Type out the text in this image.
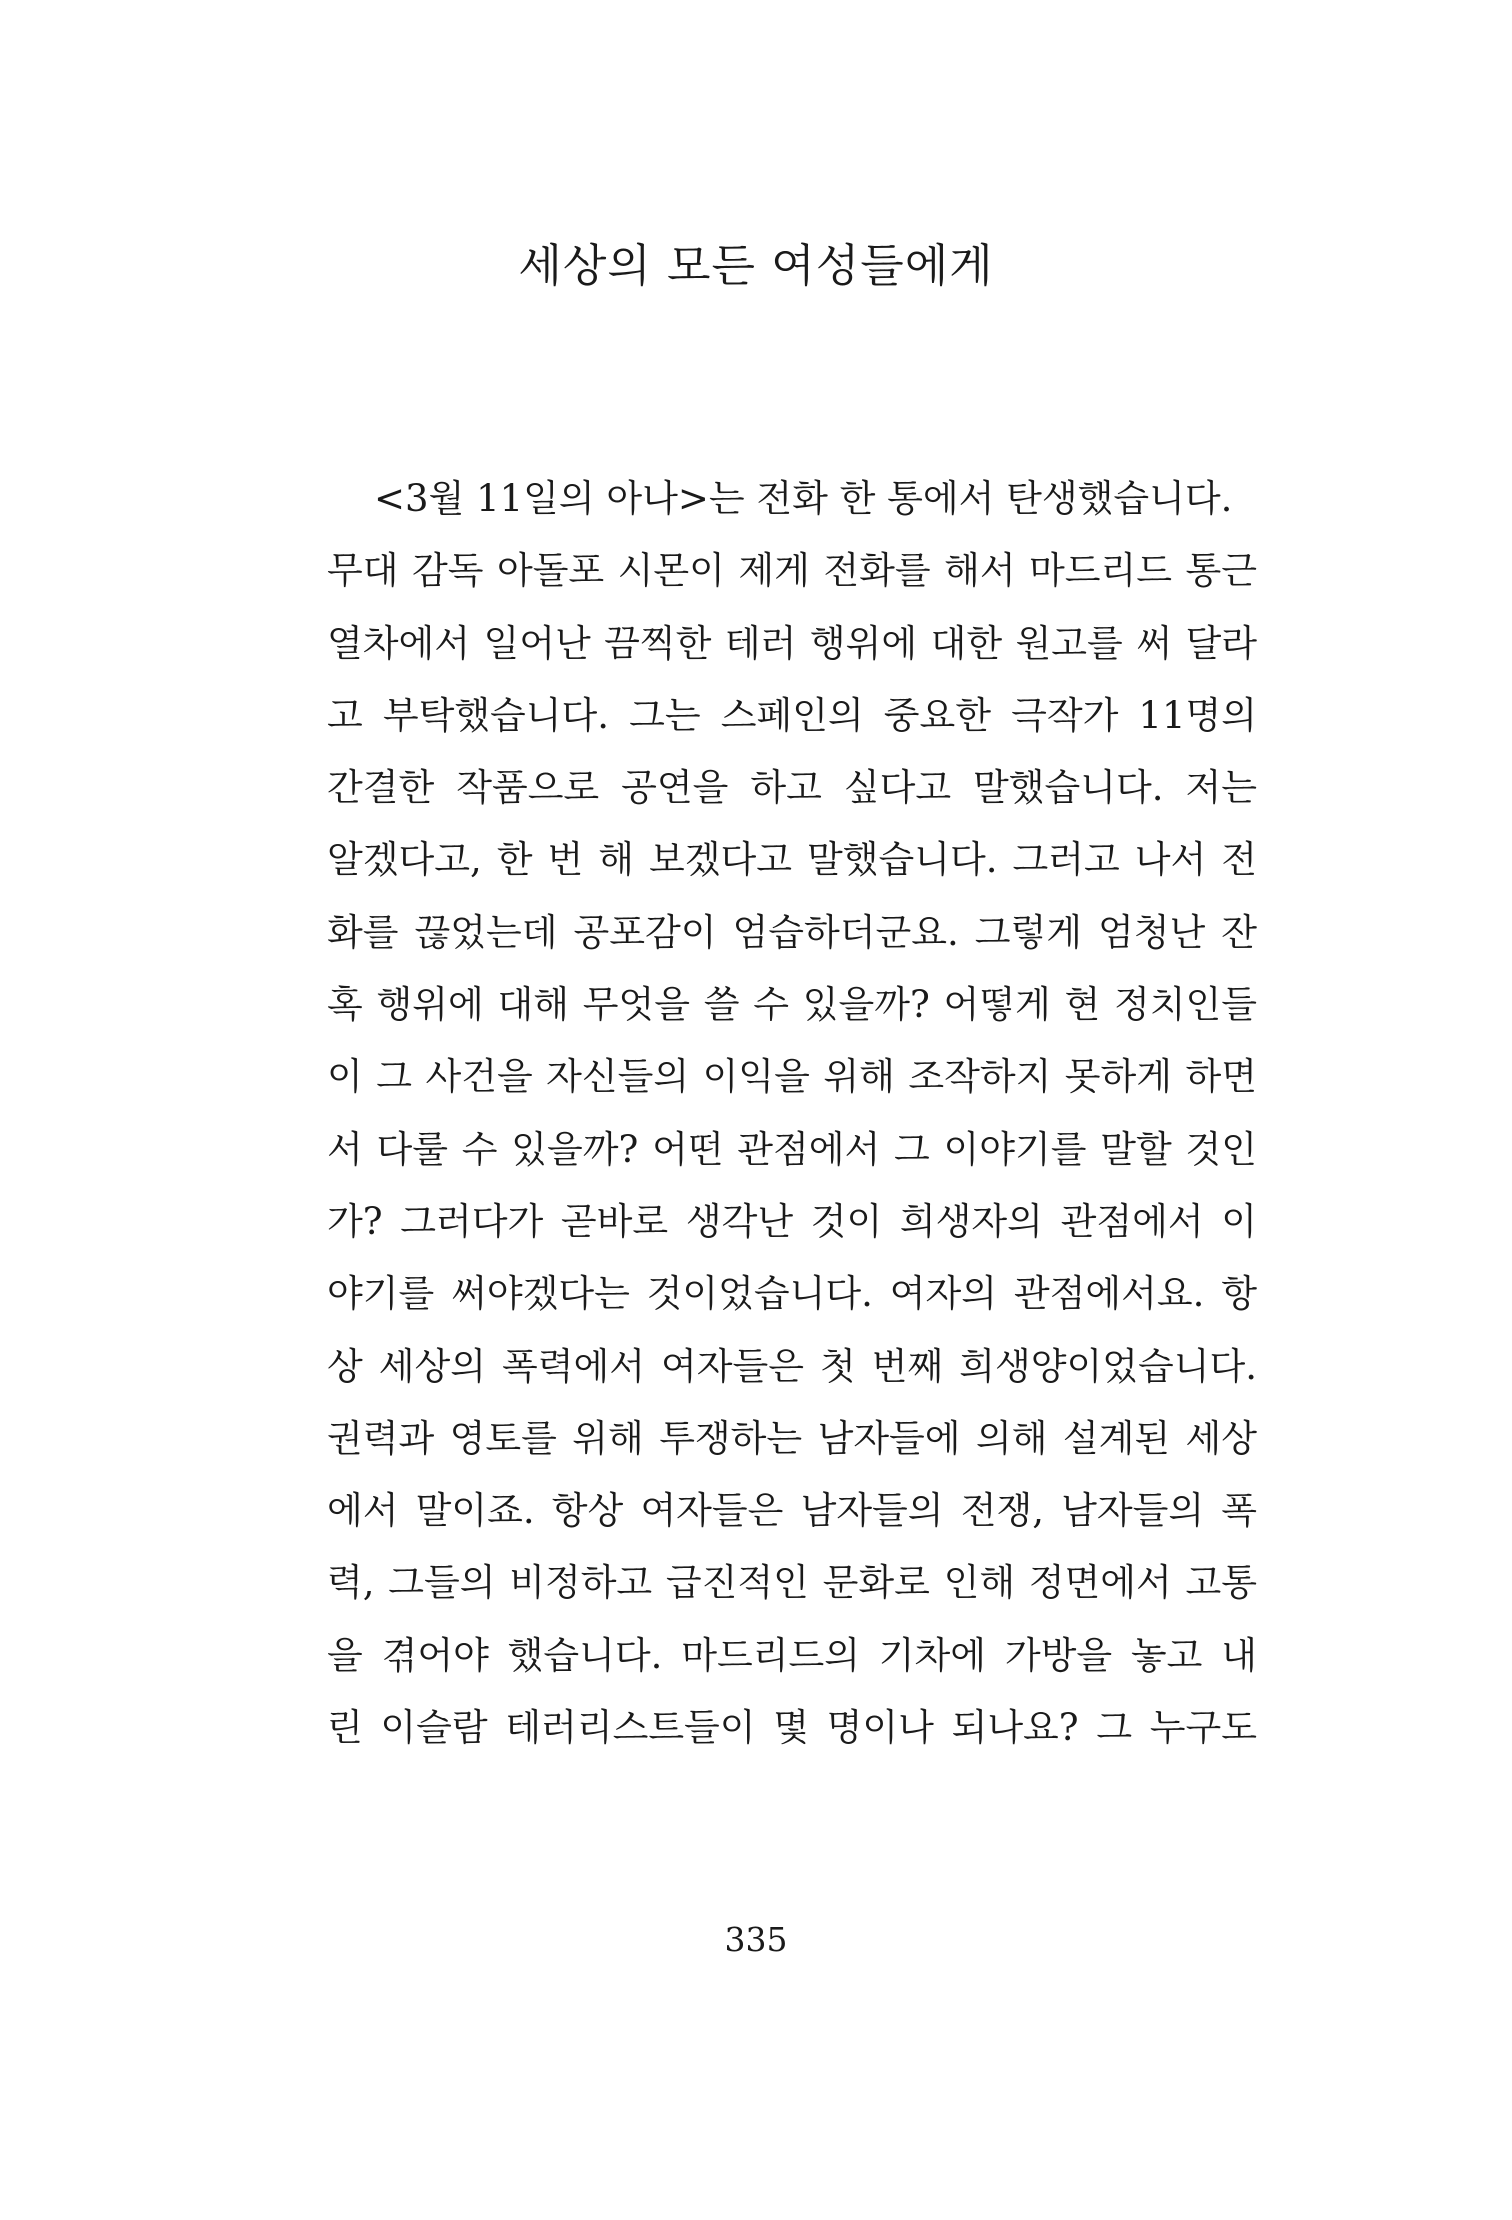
세상의 모든 여성들에게
<3월 11일의 아나>는 전화 한 통에서 탄생했습니다.
무대 감독 아돌포 시몬이 제게 전화를 해서 마드리드 통근
열차에서 일어난 끔찍한 테러 행위에 대한 원고를 써 달라
고 부탁했습니다. 그는 스페인의 중요한 극작가 11명의
간결한 작품으로 공연을 하고 싶다고 말했습니다. 저는
알겠다고, 한 번 해 보겠다고 말했습니다. 그러고 나서 전
화를 끊었는데 공포감이 엄습하더군요. 그렇게 엄청난 잔
혹 행위에 대해 무엇을 쓸 수 있을까? 어떻게 현 정치인들
이 그 사건을 자신들의 이익을 위해 조작하지 못하게 하면
서 다룰 수 있을까? 어떤 관점에서 그 이야기를 말할 것인
가? 그러다가 곧바로 생각난 것이 희생자의 관점에서 이
야기를 써야겠다는 것이었습니다. 여자의 관점에서요. 항
상 세상의 폭력에서 여자들은 첫 번째 희생양이었습니다.
권력과 영토를 위해 투쟁하는 남자들에 의해 설계된 세상
에서 말이죠. 항상 여자들은 남자들의 전쟁, 남자들의 폭
력, 그들의 비정하고 급진적인 문화로 인해 정면에서 고통
을 겪어야 했습니다. 마드리드의 기차에 가방을 놓고 내
린 이슬람 테러리스트들이 몇 명이나 되나요? 그 누구도
335
